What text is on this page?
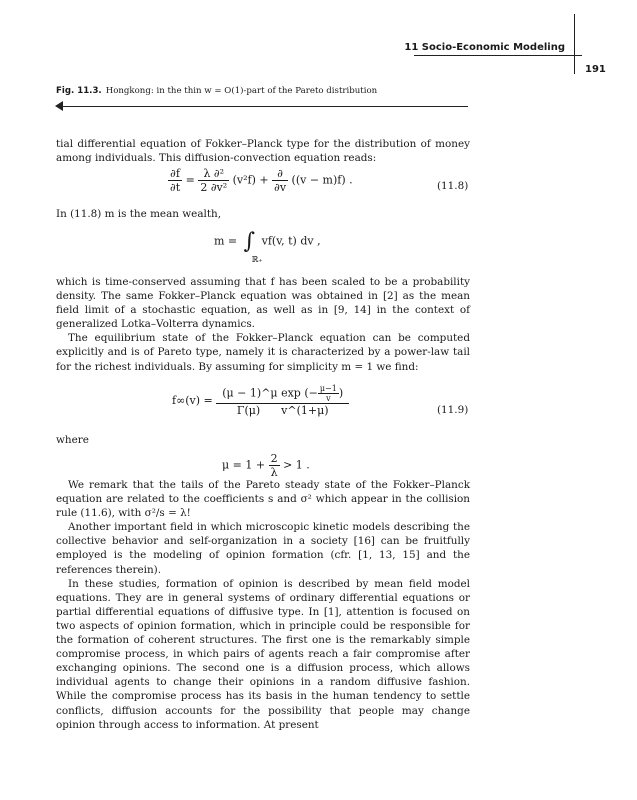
11 Socio-Economic Modeling
191
Fig. 11.3. Hongkong: in the thin w = O(1)-part of the Pareto distribution

tial differential equation of Fokker–Planck type for the distribution of money among individuals. This diffusion-convection equation reads:

$\frac{\partial f}{\partial t} = \frac{\text{λ ∂²}}{\text{2 ∂v²}} (v^2f) + \frac{\partial}{\partial v} ((v - m)f)$ .	(11.8)

In (11.8) m is the mean wealth,

m = ∫
ℝ₊
vf(v, t) dv ,

which is time-conserved assuming that f has been scaled to be a probability density. The same Fokker–Planck equation was obtained in [2] as the mean field limit of a stochastic equation, as well as in [9, 14] in the context of generalized Lotka–Volterra dynamics.

The equilibrium state of the Fokker–Planck equation can be computed explicitly and is of Pareto type, namely it is characterized by a power-law tail for the richest individuals. By assuming for simplicity m = 1 we find:

$f\infty(v) = \frac{(\mu - 1)\^{}\mu \exp (- \frac{\mu-1}{v} )}{\Gamma(\mu) v\^{}(1+\mu)}$	(11.9)

where

$\mu = 1 + \frac{2}{\lambda} > 1$ .

We remark that the tails of the Pareto steady state of the Fokker–Planck equation are related to the coefficients s and σ² which appear in the collision rule (11.6), with σ²/s = λ!

Another important field in which microscopic kinetic models describing the collective behavior and self-organization in a society [16] can be fruitfully employed is the modeling of opinion formation (cfr. [1, 13, 15] and the references therein).

In these studies, formation of opinion is described by mean field model equations. They are in general systems of ordinary differential equations or partial differential equations of diffusive type. In [1], attention is focused on two aspects of opinion formation, which in principle could be responsible for the formation of coherent structures. The first one is the remarkably simple compromise process, in which pairs of agents reach a fair compromise after exchanging opinions. The second one is a diffusion process, which allows individual agents to change their opinions in a random diffusive fashion. While the compromise process has its basis in the human tendency to settle conflicts, diffusion accounts for the possibility that people may change opinion through access to information. At present
